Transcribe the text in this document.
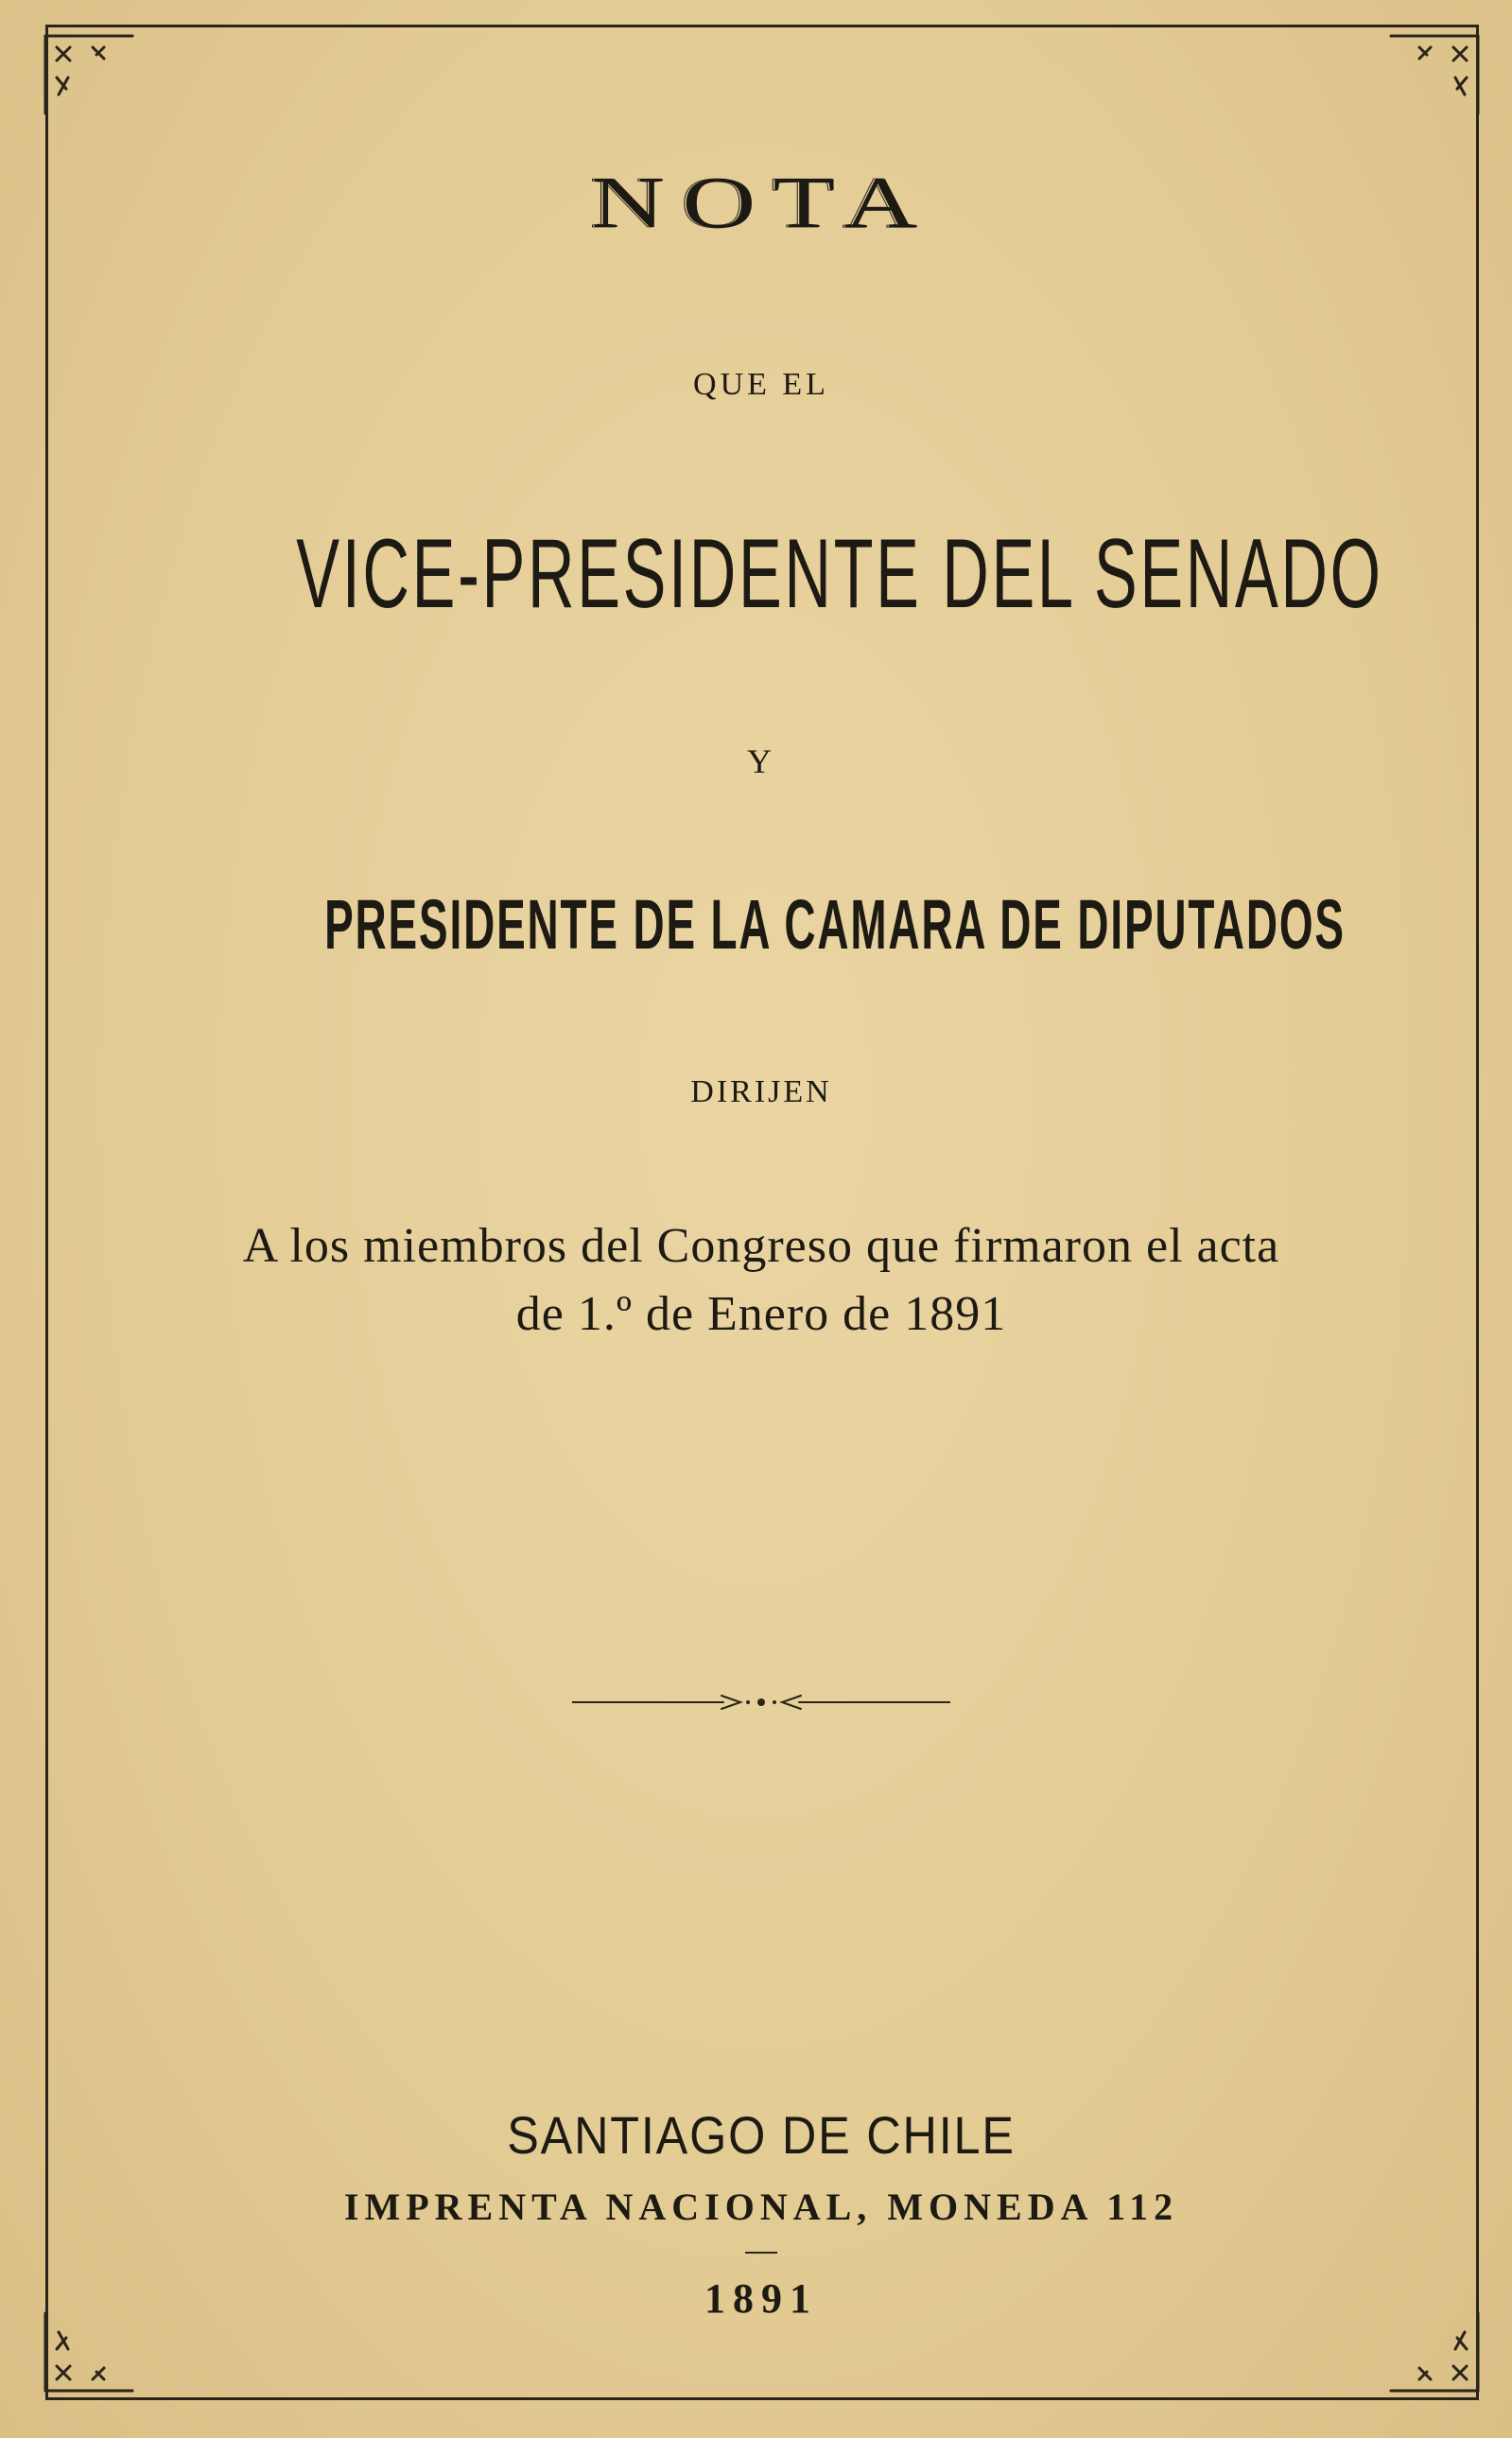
NOTA

QUE EL

VICE-PRESIDENTE DEL SENADO

Y

PRESIDENTE DE LA CAMARA DE DIPUTADOS

DIRIJEN

A los miembros del Congreso que firmaron el acta

de 1.º de Enero de 1891

SANTIAGO DE CHILE

IMPRENTA NACIONAL, MONEDA 112

1891
